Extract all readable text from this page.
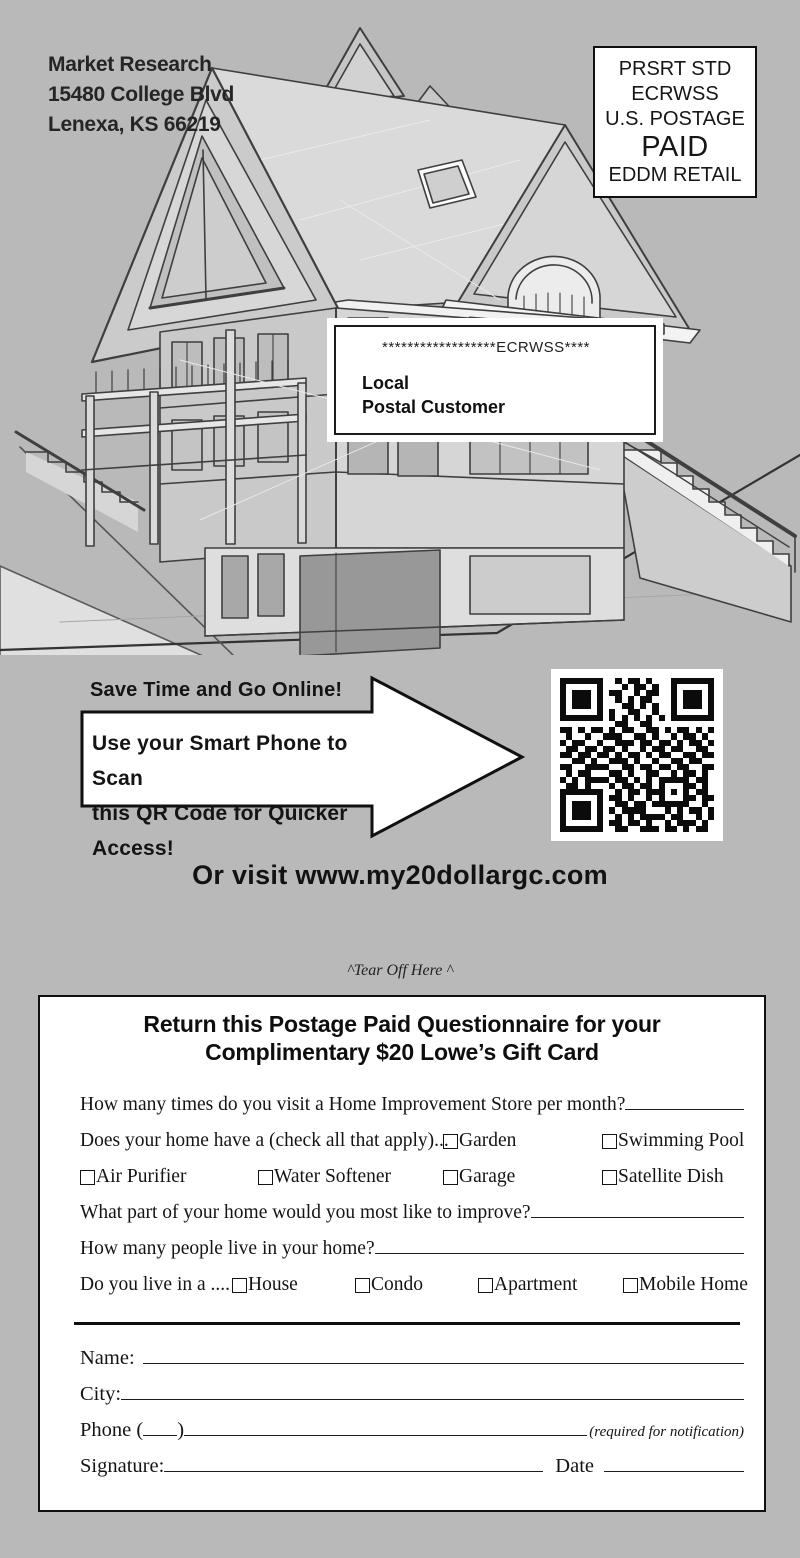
Market Research
15480 College Blvd
Lenexa, KS 66219
PRSRT STD
ECRWSS
U.S. POSTAGE
PAID
EDDM RETAIL
******************ECRWSS****
Local
Postal Customer
Save Time and Go Online!
Use your Smart Phone to Scan
this QR Code for Quicker Access!
Or visit www.my20dollargc.com
^Tear Off Here ^
Return this Postage Paid Questionnaire for your
Complimentary $20 Lowe’s Gift Card
How many times do you visit a Home Improvement Store per month?
Does your home have a (check all that apply)... Garden	Swimming Pool
Air Purifier	Water Softener	Garage	Satellite Dish
What part of your home would you most like to improve?
How many people live in your home?
Do you live in a .... House	Condo	Apartment	Mobile Home
Name:
City:
Phone ( )	(required for notification)
Signature:	Date
